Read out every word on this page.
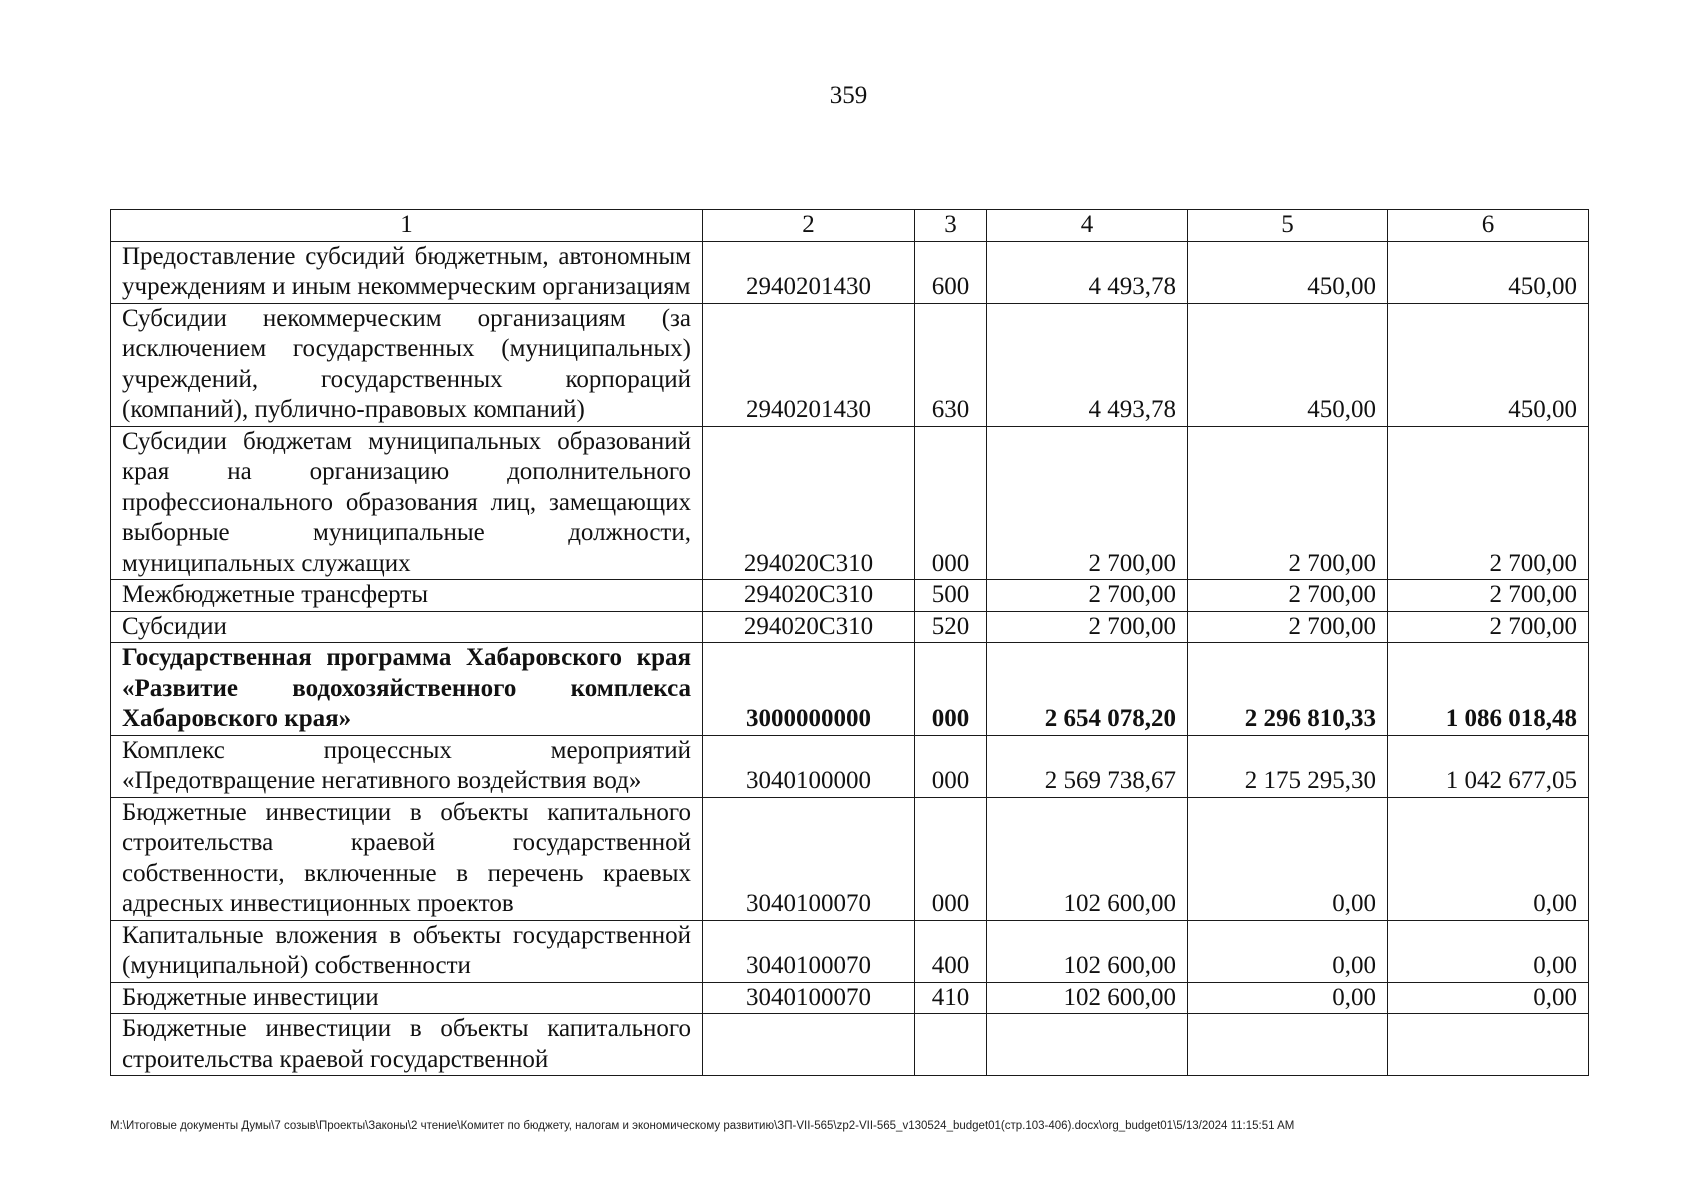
359
1	2	3	4	5	6
Предоставление субсидий бюджетным, автономным учреждениям и иным некоммерческим организациям	2940201430	600	4 493,78	450,00	450,00
Субсидии некоммерческим организациям (за исключением государственных (муниципальных) учреждений, государственных корпораций (компаний), публично-правовых компаний)	2940201430	630	4 493,78	450,00	450,00
Субсидии бюджетам муниципальных образований края на организацию дополнительного профессионального образования лиц, замещающих выборные муниципальные должности, муниципальных служащих	294020С310	000	2 700,00	2 700,00	2 700,00
Межбюджетные трансферты	294020С310	500	2 700,00	2 700,00	2 700,00
Субсидии	294020С310	520	2 700,00	2 700,00	2 700,00
Государственная программа Хабаровского края «Развитие водохозяйственного комплекса Хабаровского края»	3000000000	000	2 654 078,20	2 296 810,33	1 086 018,48
Комплекс процессных мероприятий «Предотвращение негативного воздействия вод»	3040100000	000	2 569 738,67	2 175 295,30	1 042 677,05
Бюджетные инвестиции в объекты капитального строительства краевой государственной собственности, включенные в перечень краевых адресных инвестиционных проектов	3040100070	000	102 600,00	0,00	0,00
Капитальные вложения в объекты государственной (муниципальной) собственности	3040100070	400	102 600,00	0,00	0,00
Бюджетные инвестиции	3040100070	410	102 600,00	0,00	0,00
Бюджетные инвестиции в объекты капитального строительства краевой государственной					
M:\Итоговые документы Думы\7 созыв\Проекты\Законы\2 чтение\Комитет по бюджету, налогам и экономическому развитию\ЗП-VII-565\zp2-VII-565_v130524_budget01(стр.103-406).docx\org_budget01\5/13/2024 11:15:51 AM
